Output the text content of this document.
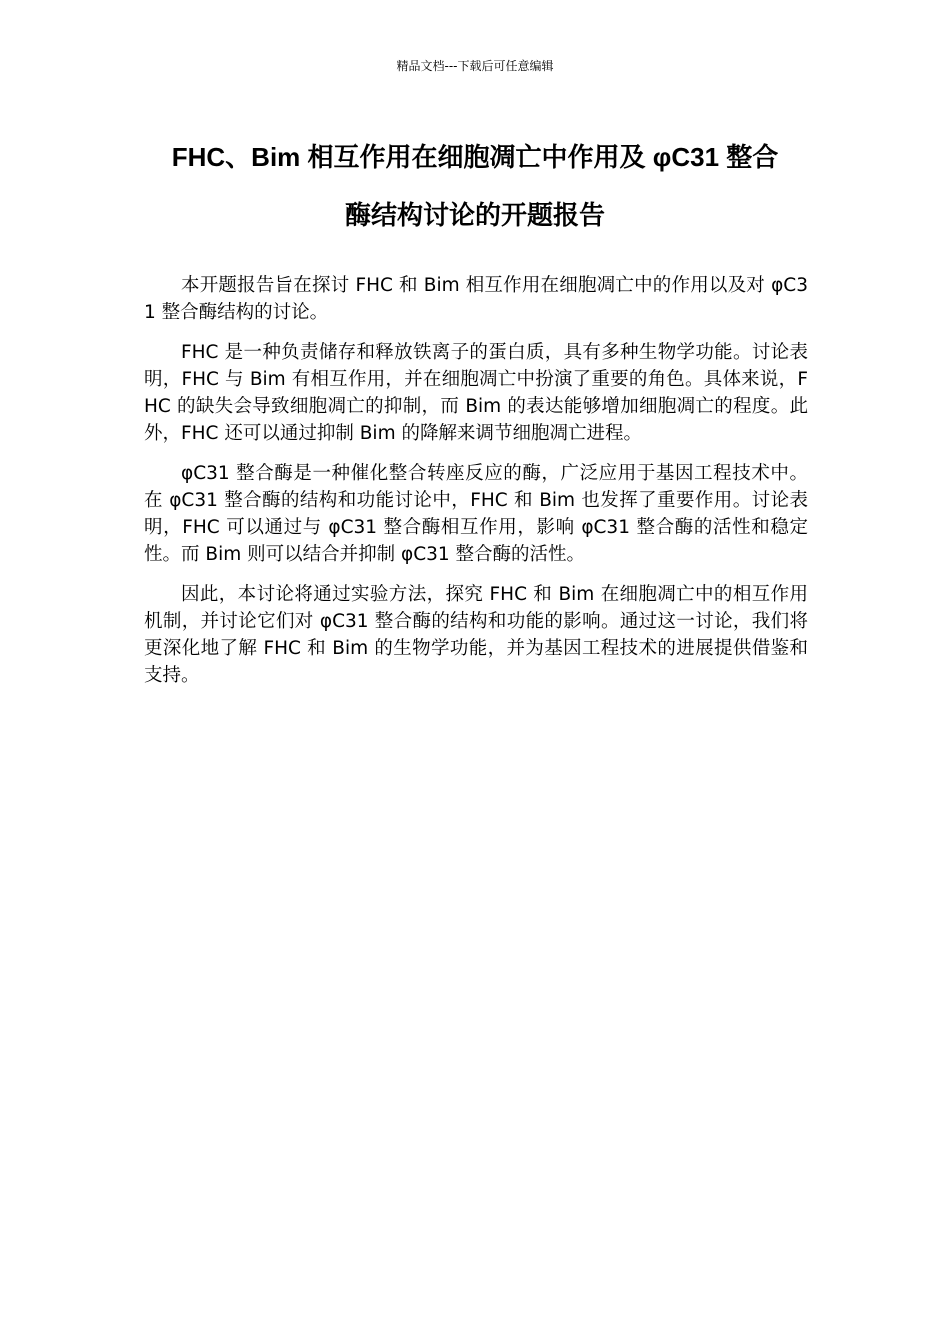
精品文档---下载后可任意编辑
FHC、Bim 相互作用在细胞凋亡中作用及 φC31 整合
酶结构讨论的开题报告

本开题报告旨在探讨 FHC 和 Bim 相互作用在细胞凋亡中的作用以及对 φC31 整合酶结构的讨论。

FHC 是一种负责储存和释放铁离子的蛋白质，具有多种生物学功能。讨论表明，FHC 与 Bim 有相互作用，并在细胞凋亡中扮演了重要的角色。具体来说，FHC 的缺失会导致细胞凋亡的抑制，而 Bim 的表达能够增加细胞凋亡的程度。此外，FHC 还可以通过抑制 Bim 的降解来调节细胞凋亡进程。

φC31 整合酶是一种催化整合转座反应的酶，广泛应用于基因工程技术中。在 φC31 整合酶的结构和功能讨论中，FHC 和 Bim 也发挥了重要作用。讨论表明，FHC 可以通过与 φC31 整合酶相互作用，影响 φC31 整合酶的活性和稳定性。而 Bim 则可以结合并抑制 φC31 整合酶的活性。

因此，本讨论将通过实验方法，探究 FHC 和 Bim 在细胞凋亡中的相互作用机制，并讨论它们对 φC31 整合酶的结构和功能的影响。通过这一讨论，我们将更深化地了解 FHC 和 Bim 的生物学功能，并为基因工程技术的进展提供借鉴和支持。
